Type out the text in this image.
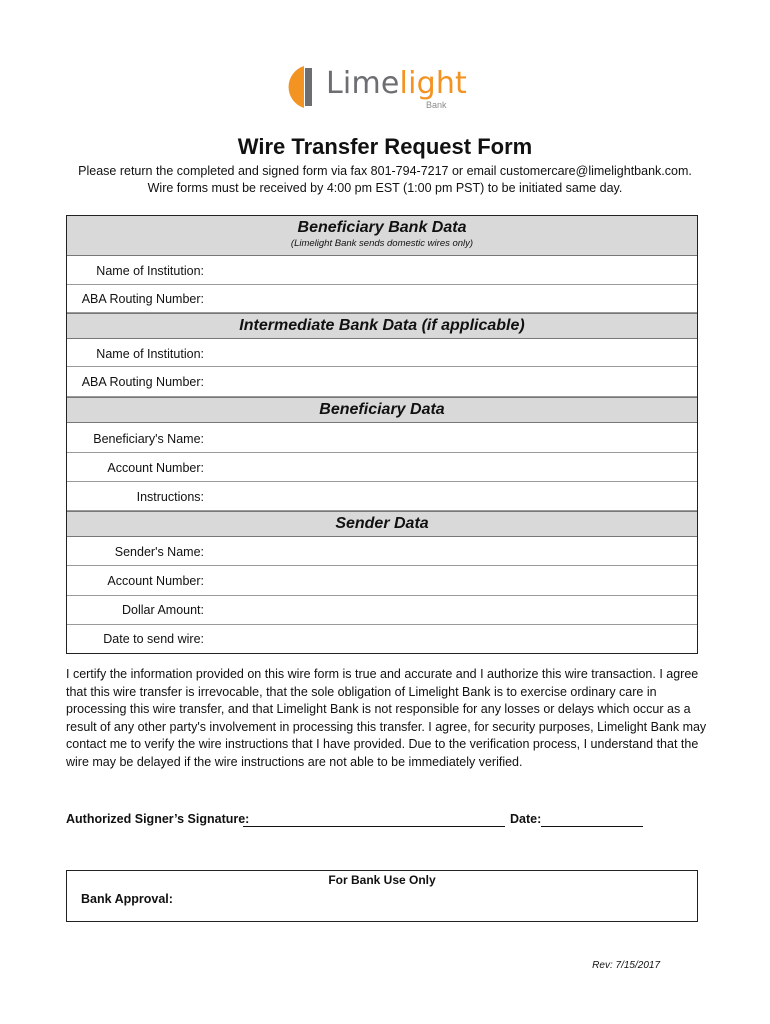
Limelight
Bank
Wire Transfer Request Form
Please return the completed and signed form via fax 801-794-7217 or email customercare@limelightbank.com.
Wire forms must be received by 4:00 pm EST (1:00 pm PST) to be initiated same day.
Beneficiary Bank Data
(Limelight Bank sends domestic wires only)
Name of Institution:
ABA Routing Number:
Intermediate Bank Data (if applicable)
Name of Institution:
ABA Routing Number:
Beneficiary Data
Beneficiary's Name:
Account Number:
Instructions:
Sender Data
Sender's Name:
Account Number:
Dollar Amount:
Date to send wire:
I certify the information provided on this wire form is true and accurate and I authorize this wire transaction. I agree that this wire transfer is irrevocable, that the sole obligation of Limelight Bank is to exercise ordinary care in processing this wire transfer, and that Limelight Bank is not responsible for any losses or delays which occur as a result of any other party's involvement in processing this transfer. I agree, for security purposes, Limelight Bank may contact me to verify the wire instructions that I have provided. Due to the verification process, I understand that the wire may be delayed if the wire instructions are not able to be immediately verified.
Authorized Signer’s Signature:	Date:
For Bank Use Only
Bank Approval:
Rev: 7/15/2017
